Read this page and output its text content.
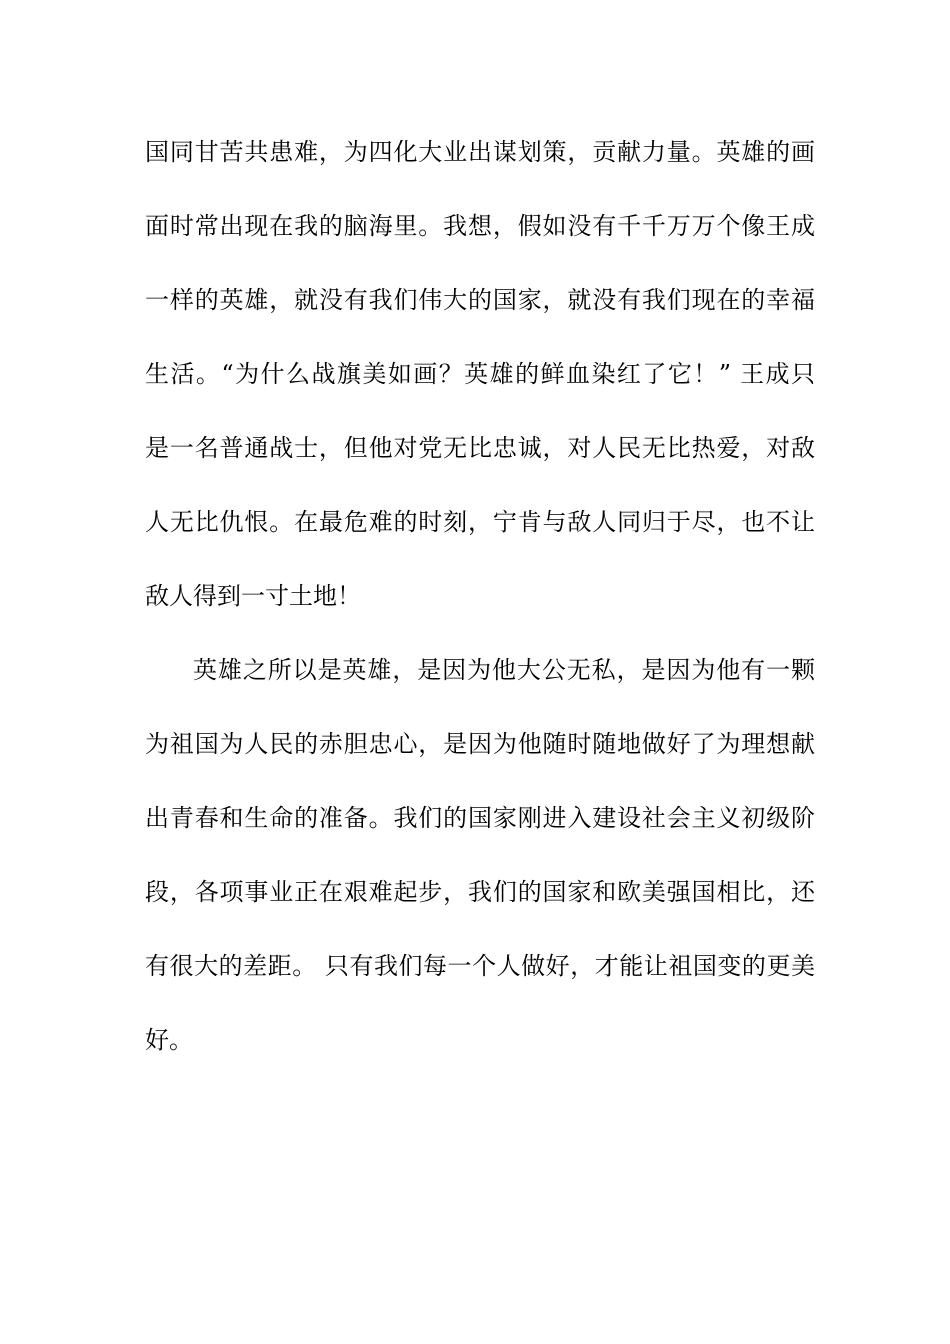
国同甘苦共患难，为四化大业出谋划策，贡献力量。英雄的画
面时常出现在我的脑海里。我想，假如没有千千万万个像王成
一样的英雄，就没有我们伟大的国家，就没有我们现在的幸福
生活。“为什么战旗美如画？英雄的鲜血染红了它！” 王成只
是一名普通战士，但他对党无比忠诚，对人民无比热爱，对敌
人无比仇恨。在最危难的时刻，宁肯与敌人同归于尽，也不让
敌人得到一寸土地！
英雄之所以是英雄，是因为他大公无私，是因为他有一颗
为祖国为人民的赤胆忠心，是因为他随时随地做好了为理想献
出青春和生命的准备。我们的国家刚进入建设社会主义初级阶
段，各项事业正在艰难起步，我们的国家和欧美强国相比，还
有很大的差距。 只有我们每一个人做好，才能让祖国变的更美
好。
